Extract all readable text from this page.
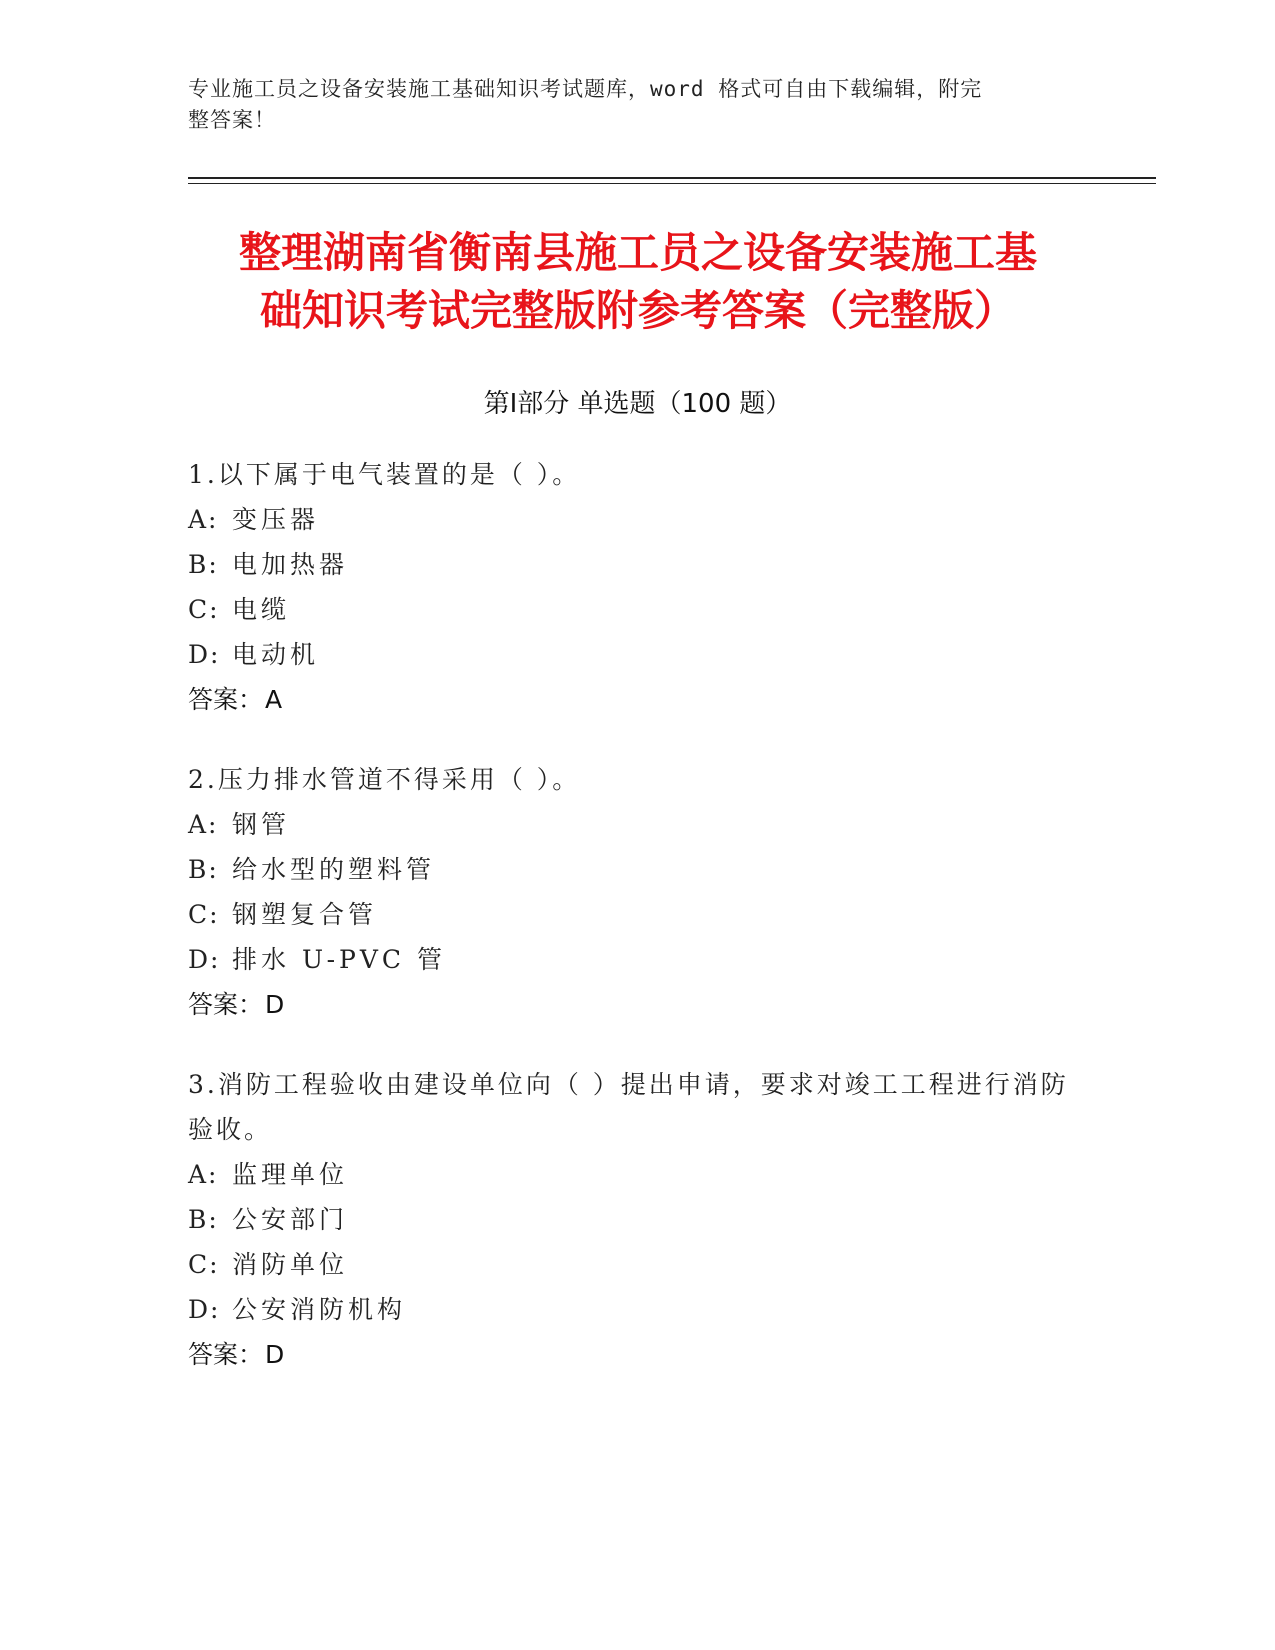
专业施工员之设备安装施工基础知识考试题库，word 格式可自由下载编辑，附完
整答案！
整理湖南省衡南县施工员之设备安装施工基
础知识考试完整版附参考答案（完整版）
第Ⅰ部分 单选题（100 题）
1.以下属于电气装置的是（ ）。
A: 变压器
B: 电加热器
C: 电缆
D: 电动机
答案：A
2.压力排水管道不得采用（ ）。
A: 钢管
B: 给水型的塑料管
C: 钢塑复合管
D: 排水 U-PVC 管
答案：D
3.消防工程验收由建设单位向（ ）提出申请，要求对竣工工程进行消防验收。
A: 监理单位
B: 公安部门
C: 消防单位
D: 公安消防机构
答案：D
